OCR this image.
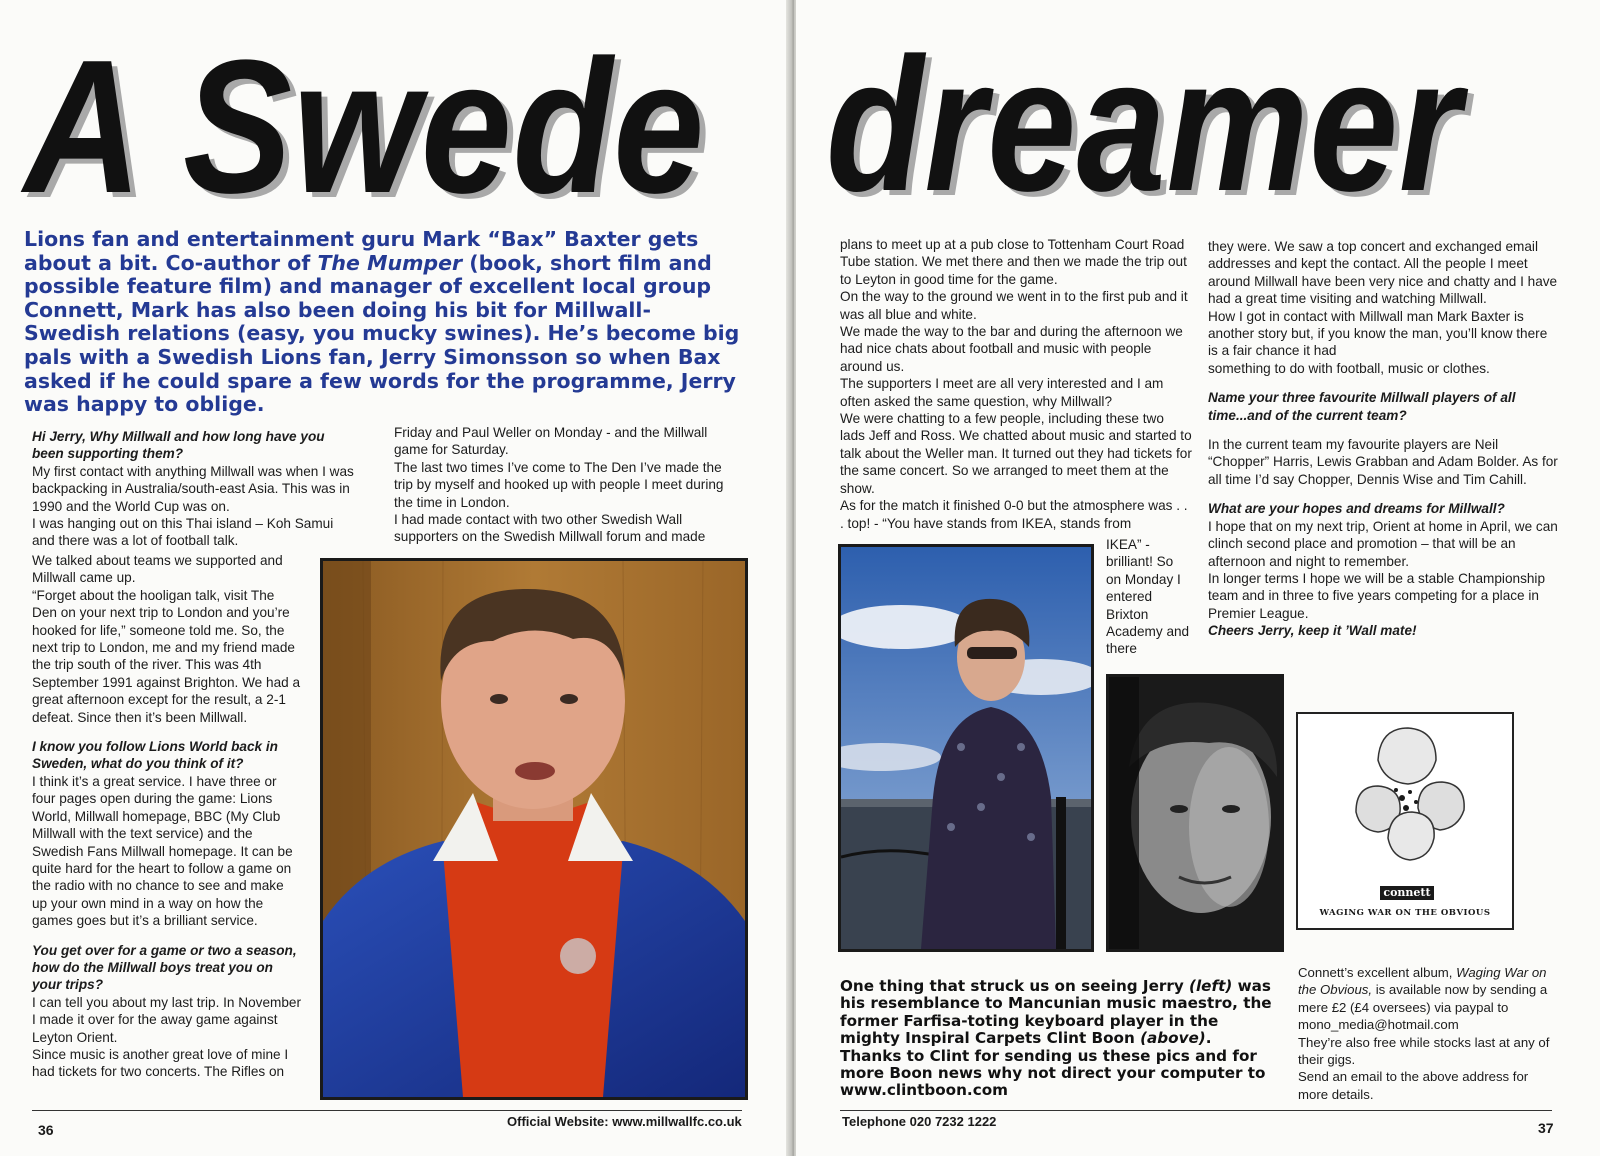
A Swede
Lions fan and entertainment guru Mark “Bax” Baxter gets about a bit. Co-author of The Mumper (book, short film and possible feature film) and manager of excellent local group Connett, Mark has also been doing his bit for Millwall-Swedish relations (easy, you mucky swines). He’s become big pals with a Swedish Lions fan, Jerry Simonsson so when Bax asked if he could spare a few words for the programme, Jerry was happy to oblige.

Hi Jerry, Why Millwall and how long have you been supporting them?

My first contact with anything Millwall was when I was backpacking in Australia/south-east Asia. This was in 1990 and the World Cup was on.

I was hanging out on this Thai island – Koh Samui and there was a lot of football talk.

We talked about teams we supported and Millwall came up.

“Forget about the hooligan talk, visit The Den on your next trip to London and you’re hooked for life,” someone told me. So, the next trip to London, me and my friend made the trip south of the river. This was 4th September 1991 against Brighton. We had a great afternoon except for the result, a 2-1 defeat. Since then it’s been Millwall.

I know you follow Lions World back in Sweden, what do you think of it?

I think it’s a great service. I have three or four pages open during the game: Lions World, Millwall homepage, BBC (My Club Millwall with the text service) and the Swedish Fans Millwall homepage. It can be quite hard for the heart to follow a game on the radio with no chance to see and make up your own mind in a way on how the games goes but it’s a brilliant service.

You get over for a game or two a season, how do the Millwall boys treat you on your trips?

I can tell you about my last trip. In November I made it over for the away game against Leyton Orient.

Since music is another great love of mine I had tickets for two concerts. The Rifles on

Friday and Paul Weller on Monday - and the Millwall game for Saturday.

The last two times I’ve come to The Den I’ve made the trip by myself and hooked up with people I meet during the time in London.

I had made contact with two other Swedish Wall supporters on the Swedish Millwall forum and made

36
Official Website: www.millwallfc.co.uk
dreamer

plans to meet up at a pub close to Tottenham Court Road Tube station. We met there and then we made the trip out to Leyton in good time for the game.

On the way to the ground we went in to the first pub and it was all blue and white.

We made the way to the bar and during the afternoon we had nice chats about football and music with people around us.

The supporters I meet are all very interested and I am often asked the same question, why Millwall?

We were chatting to a few people, including these two lads Jeff and Ross. We chatted about music and started to talk about the Weller man. It turned out they had tickets for the same concert. So we arranged to meet them at the show.

As for the match it finished 0-0 but the atmosphere was . . . top! - “You have stands from IKEA, stands from

IKEA” - brilliant! So on Monday I entered Brixton Academy and there

they were. We saw a top concert and exchanged email addresses and kept the contact. All the people I meet around Millwall have been very nice and chatty and I have had a great time visiting and watching Millwall.

How I got in contact with Millwall man Mark Baxter is another story but, if you know the man, you’ll know there is a fair chance it had

something to do with football, music or clothes.

Name your three favourite Millwall players of all time...and of the current team?

In the current team my favourite players are Neil “Chopper” Harris, Lewis Grabban and Adam Bolder. As for all time I’d say Chopper, Dennis Wise and Tim Cahill.

What are your hopes and dreams for Millwall?

I hope that on my next trip, Orient at home in April, we can clinch second place and promotion – that will be an afternoon and night to remember.

In longer terms I hope we will be a stable Championship team and in three to five years competing for a place in Premier League.

Cheers Jerry, keep it ’Wall mate!

connett
WAGING WAR ON THE OBVIOUS
One thing that struck us on seeing Jerry (left) was his resemblance to Mancunian music maestro, the former Farfisa-toting keyboard player in the mighty Inspiral Carpets Clint Boon (above). Thanks to Clint for sending us these pics and for more Boon news why not direct your computer to www.clintboon.com

Connett’s excellent album, Waging War on the Obvious, is available now by sending a mere £2 (£4 oversees) via paypal to mono_media@hotmail.com

They’re also free while stocks last at any of their gigs.

Send an email to the above address for more details.

Telephone 020 7232 1222	37
